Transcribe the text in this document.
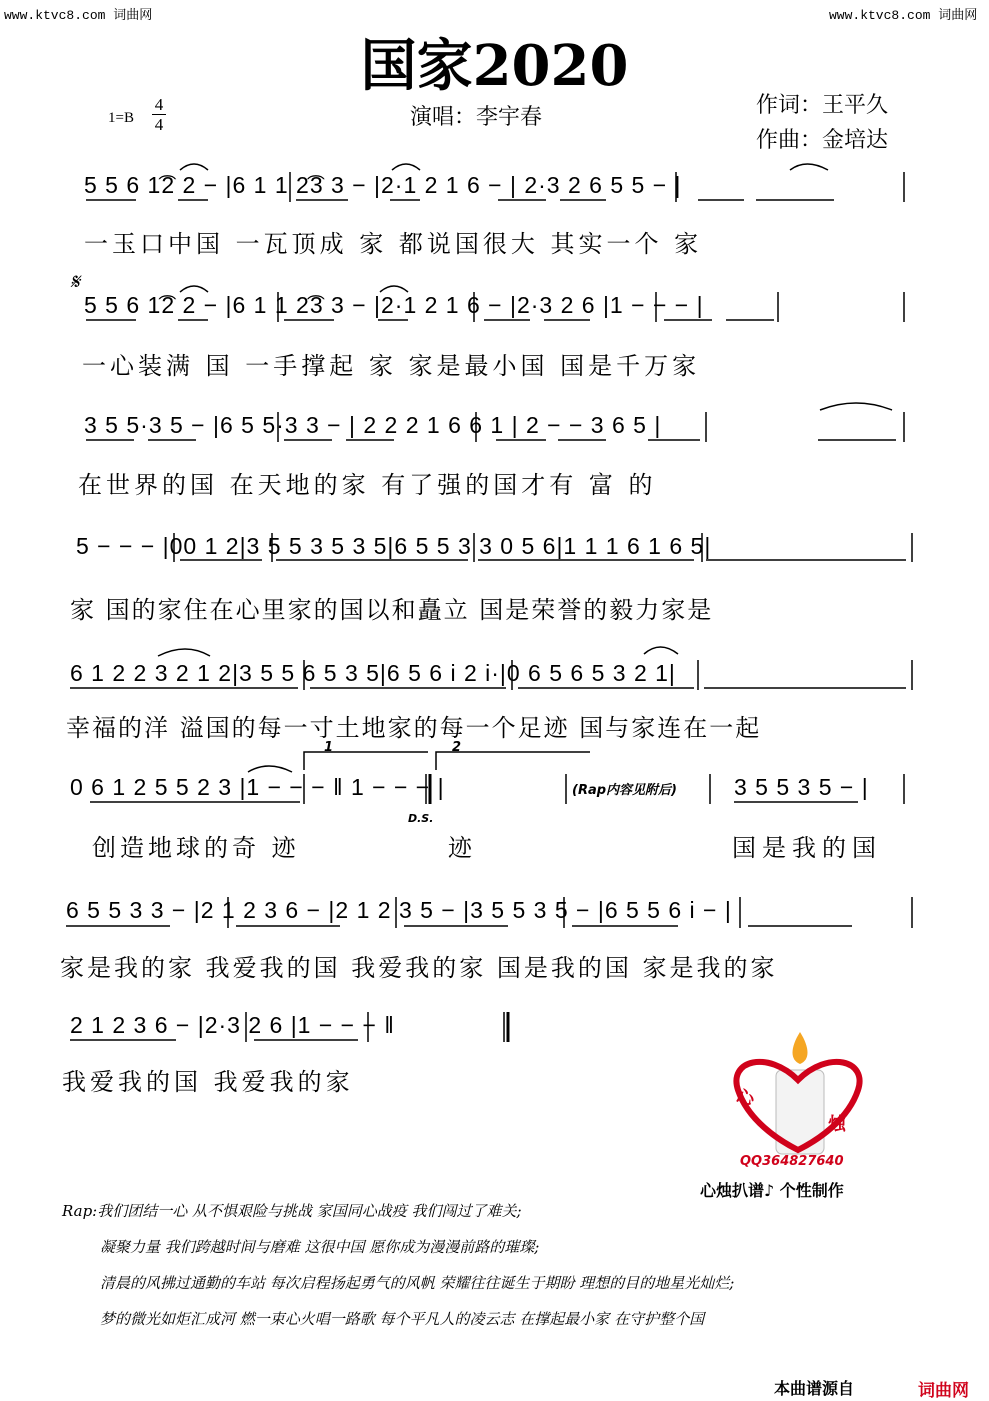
www.ktvc8.com 词曲网	www.ktvc8.com 词曲网
国家2020
1=B
4
4	演唱：李宇春	作词：王平久
作曲：金培达
5 5 6 1͡2 2 − |6 1 1 2͡3 3 − |2·1 2 1 6 − | 2·3 2 6 5 5 − |
一玉口中国 一瓦顶成 家 都说国很大 其实一个 家
𝄋
5 5 6 1͡2 2 − |6 1 1 2͡3 3 − |2·1 2 1 6 − |2·3 2 6 |1 − − − |
一心装满 国 一手撑起 家 家是最小国 国是千万家
3 5 5·3 5 − |6 5 5·3 3 − | 2 2 2 1 6 6 1 | 2 − − 3 6 5 |
在世界的国 在天地的家 有了强的国才有 富 的
5 − − − |00 1 2|3 5 5 3 5 3 5|6 5 5 3 3 0 5 6|1 1 1 6 1 6 5|
家 国的家住在心里家的国以和矗立 国是荣誉的毅力家是
6 1 2 2 3 2 1 2|3 5 5 6 5 3 5|6 5 6 i 2 i·|0 6 5 6 5 3 2 1|
幸福的洋 溢国的每一寸土地家的每一个足迹 国与家连在一起
1	2
0 6 1 2 5 5 2 3 |1 − − − ‖ 1 − − − |	(Rap内容见附后) 3 5 5 3 5 − |
D.S.
创造地球的奇 迹	迹	国是我的国
6 5 5 3 3 − |2 1 2 3 6 − |2 1 2 3 5 − |3 5 5 3 5 − |6 5 5 6 i − |
家是我的家 我爱我的国 我爱我的家 国是我的国 家是我的家
2 1 2 3 6 − |2·3 2 6 |1 − − − ‖
我爱我的国 我爱我的家
心
烛
QQ364827640
心烛扒谱♪ 个性制作
Rap:我们团结一心 从不惧艰险与挑战 家国同心战疫 我们闯过了难关;
凝聚力量 我们跨越时间与磨难 这很中国 愿你成为漫漫前路的璀璨;
清晨的风拂过通勤的车站 每次启程扬起勇气的风帆 荣耀往往诞生于期盼 理想的目的地星光灿烂;
梦的微光如炬汇成河 燃一束心火唱一路歌 每个平凡人的凌云志 在撑起最小家 在守护整个国
本曲谱源自	词曲网
